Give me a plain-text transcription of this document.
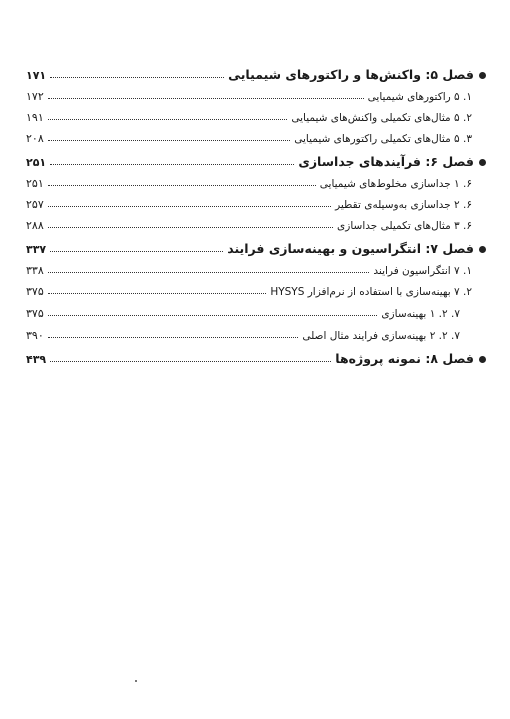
فصل ۵: واکنش‌ها و راکتورهای شیمیایی
۱۷۱
۱. ۵ راکتورهای شیمیایی
۱۷۲
۲. ۵ مثال‌های تکمیلی واکنش‌های شیمیایی
۱۹۱
۳. ۵ مثال‌های تکمیلی راکتورهای شیمیایی
۲۰۸
فصل ۶: فرآیندهای جداسازی
۲۵۱
۶. ۱ جداسازی مخلوط‌های شیمیایی
۲۵۱
۶. ۲ جداسازی به‌وسیله‌ی تقطیر
۲۵۷
۶. ۳ مثال‌های تکمیلی جداسازی
۲۸۸
فصل ۷: انتگراسیون و بهینه‌سازی فرایند
۳۳۷
۱. ۷ انتگراسیون فرایند
۳۳۸
۲. ۷ بهینه‌سازی با استفاده از نرم‌افزار HYSYS
۳۷۵
۷. ۲. ۱ بهینه‌سازی
۳۷۵
۷. ۲. ۲ بهینه‌سازی فرایند مثال اصلی
۳۹۰
فصل ۸: نمونه پروژه‌ها
۴۳۹
